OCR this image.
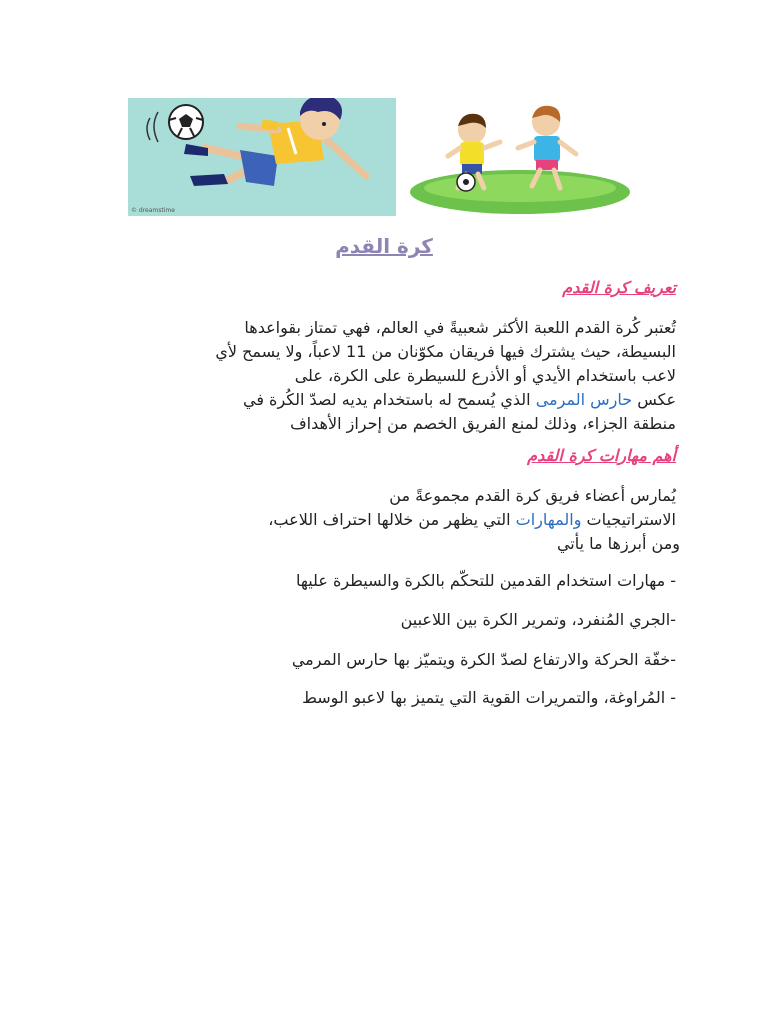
© dreamstime
كرة القدم
تعريف كرة القدم
تُعتبر كُرة القدم اللعبة الأكثر شعبيةً في العالم، فهي تمتاز بقواعدها
البسيطة، حيث يشترك فيها فريقان مكوّنان من 11 لاعباً، ولا يسمح لأي
لاعب باستخدام الأيدي أو الأذرع للسيطرة على الكرة، على
عكس حارس المرمى الذي يُسمح له باستخدام يديه لصدّ الكُرة في
منطقة الجزاء، وذلك لمنع الفريق الخصم من إحراز الأهداف
أهم مهارات كرة القدم
يُمارس أعضاء فريق كرة القدم مجموعةً من
الاستراتيجيات والمهارات التي يظهر من خلالها احتراف اللاعب،
ومن أبرزها ما يأتي
- مهارات استخدام القدمين للتحكّم بالكرة والسيطرة عليها
-الجري المُنفرد، وتمرير الكرة بين اللاعبين
-خفّة الحركة والارتفاع لصدّ الكرة ويتميّز بها حارس المرمي
- المُراوغة، والتمريرات القوية التي يتميز بها لاعبو الوسط
